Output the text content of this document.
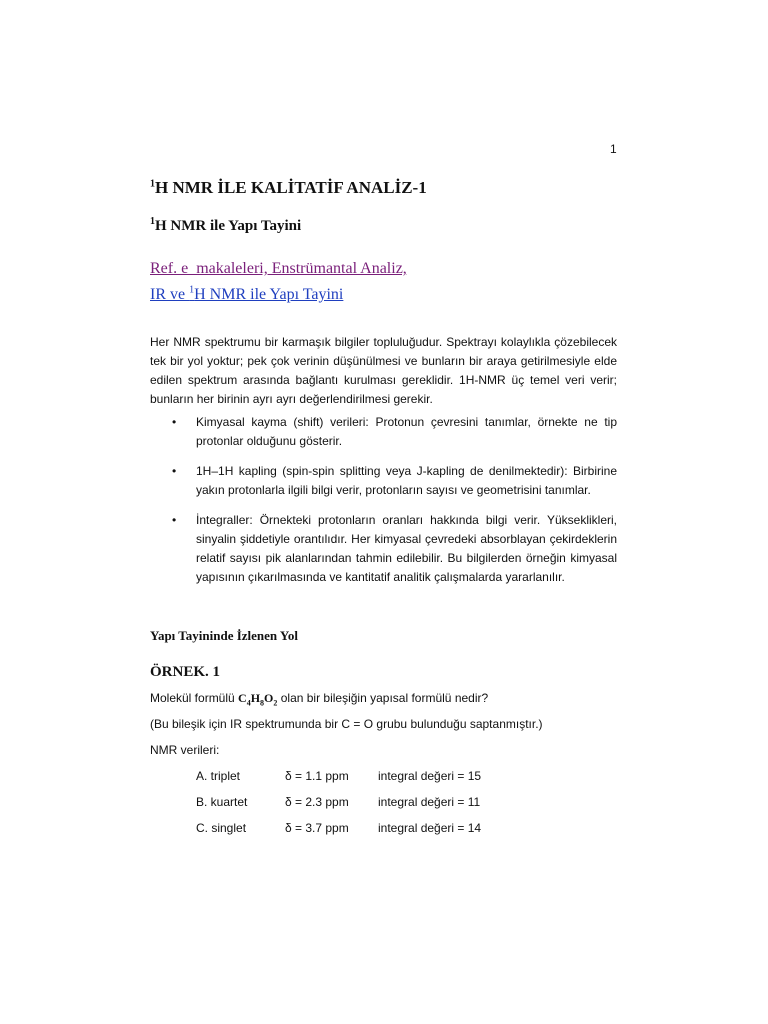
1
$^1$H NMR İLE KALİTATİF ANALİZ-1
$^1$H NMR ile Yapı Tayini
Ref. e_makaleleri, Enstrümantal Analiz,
IR ve $^1$H NMR ile Yapı Tayini
Her NMR spektrumu bir karmaşık bilgiler topluluğudur. Spektrayı kolaylıkla çözebilecek tek bir yol yoktur; pek çok verinin düşünülmesi ve bunların bir araya getirilmesiyle elde edilen spektrum arasında bağlantı kurulması gereklidir. 1H-NMR üç temel veri verir; bunların her birinin ayrı ayrı değerlendirilmesi gerekir.
• Kimyasal kayma (shift) verileri: Protonun çevresini tanımlar, örnekte ne tip protonlar olduğunu gösterir.
• 1H–1H kapling (spin-spin splitting veya J-kapling de denilmektedir): Birbirine yakın protonlarla ilgili bilgi verir, protonların sayısı ve geometrisini tanımlar.
• İntegraller: Örnekteki protonların oranları hakkında bilgi verir. Yükseklikleri, sinyalin şiddetiyle orantılıdır. Her kimyasal çevredeki absorblayan çekirdeklerin relatif sayısı pik alanlarından tahmin edilebilir. Bu bilgilerden örneğin kimyasal yapısının çıkarılmasında ve kantitatif analitik çalışmalarda yararlanılır.
Yapı Tayininde İzlenen Yol
ÖRNEK. 1
Molekül formülü $C_4H_8O_2$ olan bir bileşiğin yapısal formülü nedir?
(Bu bileşik için IR spektrumunda bir C = O grubu bulunduğu saptanmıştır.)
NMR verileri:
A. triplet	δ = 1.1 ppm integral değeri = 15
B. kuartet	δ = 2.3 ppm integral değeri = 11
C. singlet	δ = 3.7 ppm integral değeri = 14
